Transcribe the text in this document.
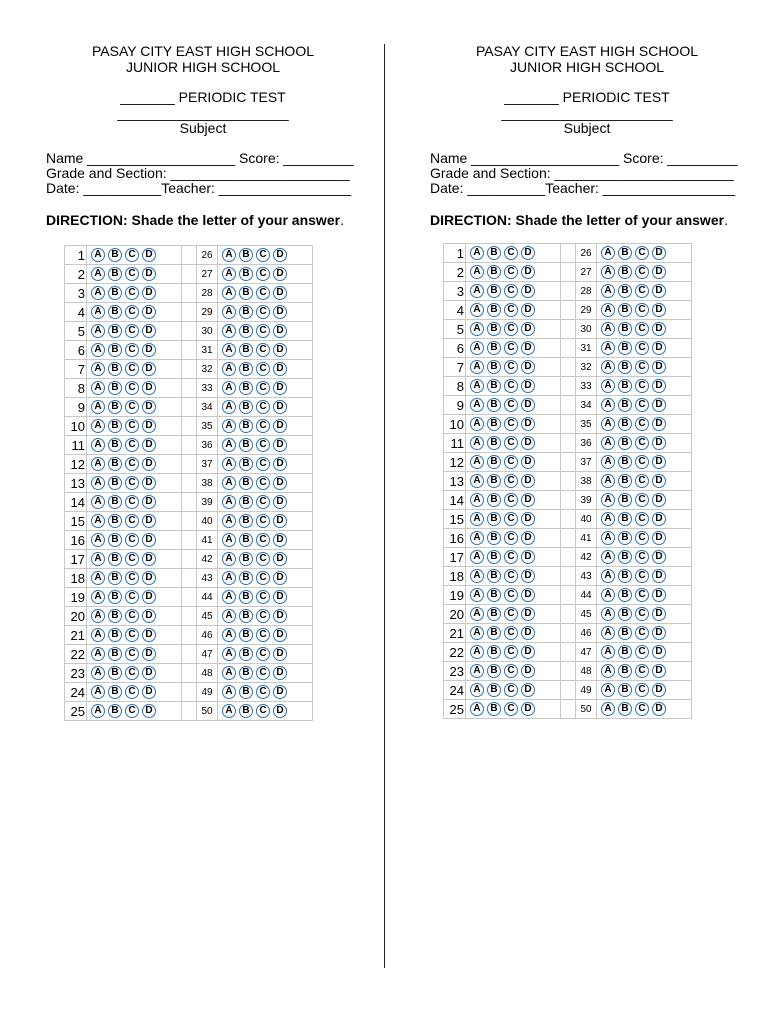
PASAY CITY EAST HIGH SCHOOL
JUNIOR HIGH SCHOOL
_______ PERIODIC TEST
______________________
Subject
Name ___________________ Score: _________
Grade and Section: _______________________
Date: __________Teacher: _________________
DIRECTION: Shade the letter of your answer.
1	A B C D		26	A B C D

2	A B C D		27	A B C D

3	A B C D		28	A B C D

4	A B C D		29	A B C D

5	A B C D		30	A B C D

6	A B C D		31	A B C D

7	A B C D		32	A B C D

8	A B C D		33	A B C D

9	A B C D		34	A B C D

10	A B C D		35	A B C D

11	A B C D		36	A B C D

12	A B C D		37	A B C D

13	A B C D		38	A B C D

14	A B C D		39	A B C D

15	A B C D		40	A B C D

16	A B C D		41	A B C D

17	A B C D		42	A B C D

18	A B C D		43	A B C D

19	A B C D		44	A B C D

20	A B C D		45	A B C D

21	A B C D		46	A B C D

22	A B C D		47	A B C D

23	A B C D		48	A B C D

24	A B C D		49	A B C D

25	A B C D		50	A B C D
PASAY CITY EAST HIGH SCHOOL
JUNIOR HIGH SCHOOL
_______ PERIODIC TEST
______________________
Subject
Name ___________________ Score: _________
Grade and Section: _______________________
Date: __________Teacher: _________________
DIRECTION: Shade the letter of your answer.
1	A B C D		26	A B C D

2	A B C D		27	A B C D

3	A B C D		28	A B C D

4	A B C D		29	A B C D

5	A B C D		30	A B C D

6	A B C D		31	A B C D

7	A B C D		32	A B C D

8	A B C D		33	A B C D

9	A B C D		34	A B C D

10	A B C D		35	A B C D

11	A B C D		36	A B C D

12	A B C D		37	A B C D

13	A B C D		38	A B C D

14	A B C D		39	A B C D

15	A B C D		40	A B C D

16	A B C D		41	A B C D

17	A B C D		42	A B C D

18	A B C D		43	A B C D

19	A B C D		44	A B C D

20	A B C D		45	A B C D

21	A B C D		46	A B C D

22	A B C D		47	A B C D

23	A B C D		48	A B C D

24	A B C D		49	A B C D

25	A B C D		50	A B C D
